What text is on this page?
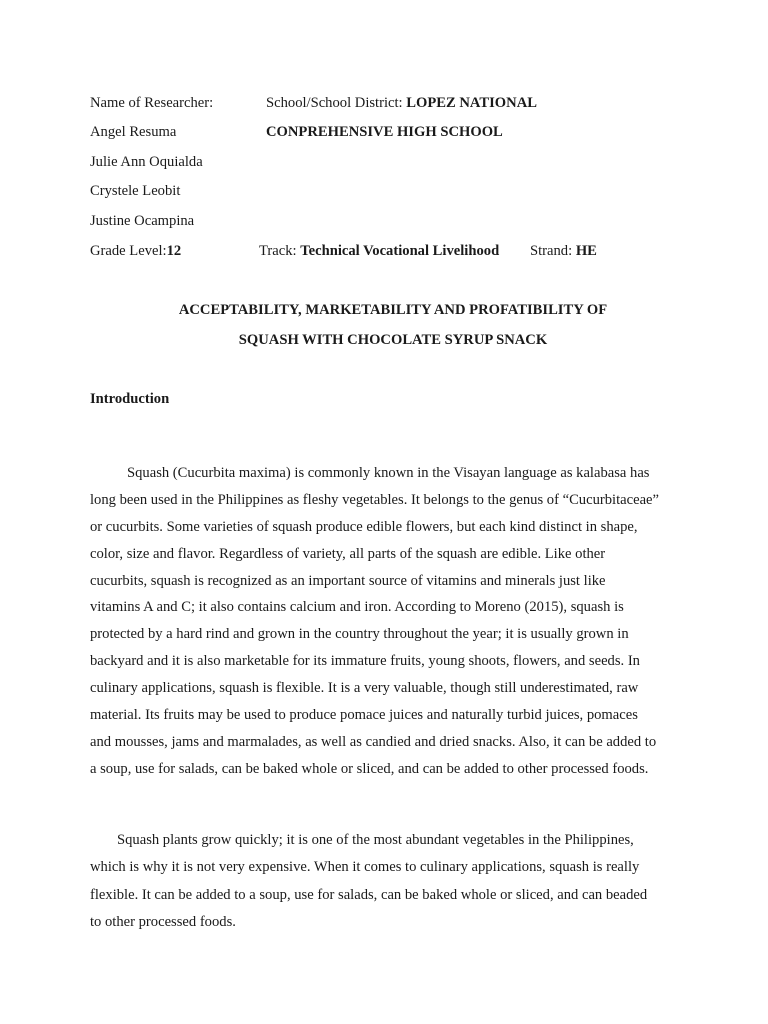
Name of Researcher:	School/School District: LOPEZ NATIONAL
Angel Resuma	CONPREHENSIVE HIGH SCHOOL
Julie Ann Oquialda
Crystele Leobit
Justine Ocampina
Grade Level:12	Track: Technical Vocational Livelihood Strand: HE
ACCEPTABILITY, MARKETABILITY AND PROFATIBILITY OF
SQUASH WITH CHOCOLATE SYRUP SNACK
Introduction
Squash (Cucurbita maxima) is commonly known in the Visayan language as kalabasa has
long been used in the Philippines as fleshy vegetables. It belongs to the genus of “Cucurbitaceae”
or cucurbits. Some varieties of squash produce edible flowers, but each kind distinct in shape,
color, size and flavor. Regardless of variety, all parts of the squash are edible. Like other
cucurbits, squash is recognized as an important source of vitamins and minerals just like
vitamins A and C; it also contains calcium and iron. According to Moreno (2015), squash is
protected by a hard rind and grown in the country throughout the year; it is usually grown in
backyard and it is also marketable for its immature fruits, young shoots, flowers, and seeds. In
culinary applications, squash is flexible. It is a very valuable, though still underestimated, raw
material. Its fruits may be used to produce pomace juices and naturally turbid juices, pomaces
and mousses, jams and marmalades, as well as candied and dried snacks. Also, it can be added to
a soup, use for salads, can be baked whole or sliced, and can be added to other processed foods.
Squash plants grow quickly; it is one of the most abundant vegetables in the Philippines,
which is why it is not very expensive. When it comes to culinary applications, squash is really
flexible. It can be added to a soup, use for salads, can be baked whole or sliced, and can beaded
to other processed foods.
